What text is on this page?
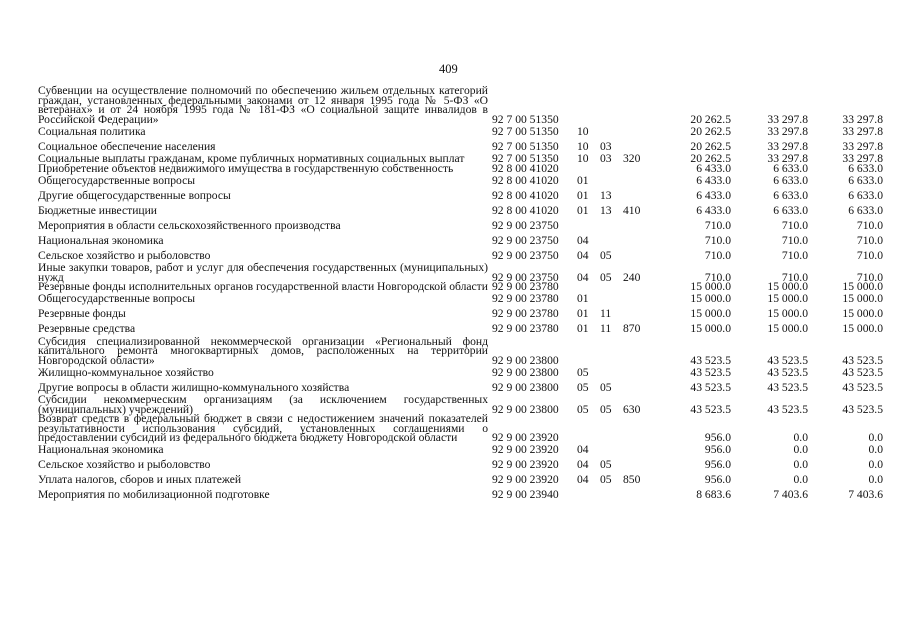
409
Субвенции на осуществление полномочий по обеспечению жильем отдельных категорий граждан, установленных федеральными законами от 12 января 1995 года № 5-ФЗ «О ветеранах» и от 24 ноября 1995 года № 181-ФЗ «О социальной защите инвалидов в Российской Федерации»	92 7 00 51350				20 262.5	33 297.8	33 297.8
Социальная политика	92 7 00 51350	10			20 262.5	33 297.8	33 297.8
Социальное обеспечение населения	92 7 00 51350	10	03		20 262.5	33 297.8	33 297.8
Социальные выплаты гражданам, кроме публичных нормативных социальных выплат	92 7 00 51350	10	03	320	20 262.5	33 297.8	33 297.8
Приобретение объектов недвижимого имущества в государственную собственность	92 8 00 41020				6 433.0	6 633.0	6 633.0
Общегосударственные вопросы	92 8 00 41020	01			6 433.0	6 633.0	6 633.0
Другие общегосударственные вопросы	92 8 00 41020	01	13		6 433.0	6 633.0	6 633.0
Бюджетные инвестиции	92 8 00 41020	01	13	410	6 433.0	6 633.0	6 633.0
Мероприятия в области сельскохозяйственного производства	92 9 00 23750				710.0	710.0	710.0
Национальная экономика	92 9 00 23750	04			710.0	710.0	710.0
Сельское хозяйство и рыболовство	92 9 00 23750	04	05		710.0	710.0	710.0
Иные закупки товаров, работ и услуг для обеспечения государственных (муниципальных) нужд	92 9 00 23750	04	05	240	710.0	710.0	710.0
Резервные фонды исполнительных органов государственной власти Новгородской области	92 9 00 23780				15 000.0	15 000.0	15 000.0
Общегосударственные вопросы	92 9 00 23780	01			15 000.0	15 000.0	15 000.0
Резервные фонды	92 9 00 23780	01	11		15 000.0	15 000.0	15 000.0
Резервные средства	92 9 00 23780	01	11	870	15 000.0	15 000.0	15 000.0
Субсидия специализированной некоммерческой организации «Региональный фонд капитального ремонта многоквартирных домов, расположенных на территории Новгородской области»	92 9 00 23800				43 523.5	43 523.5	43 523.5
Жилищно-коммунальное хозяйство	92 9 00 23800	05			43 523.5	43 523.5	43 523.5
Другие вопросы в области жилищно-коммунального хозяйства	92 9 00 23800	05	05		43 523.5	43 523.5	43 523.5
Субсидии некоммерческим организациям (за исключением государственных (муниципальных) учреждений)	92 9 00 23800	05	05	630	43 523.5	43 523.5	43 523.5
Возврат средств в федеральный бюджет в связи с недостижением значений показателей результативности использования субсидий, установленных соглашениями о предоставлении субсидий из федерального бюджета бюджету Новгородской области	92 9 00 23920				956.0	0.0	0.0
Национальная экономика	92 9 00 23920	04			956.0	0.0	0.0
Сельское хозяйство и рыболовство	92 9 00 23920	04	05		956.0	0.0	0.0
Уплата налогов, сборов и иных платежей	92 9 00 23920	04	05	850	956.0	0.0	0.0
Мероприятия по мобилизационной подготовке	92 9 00 23940				8 683.6	7 403.6	7 403.6
